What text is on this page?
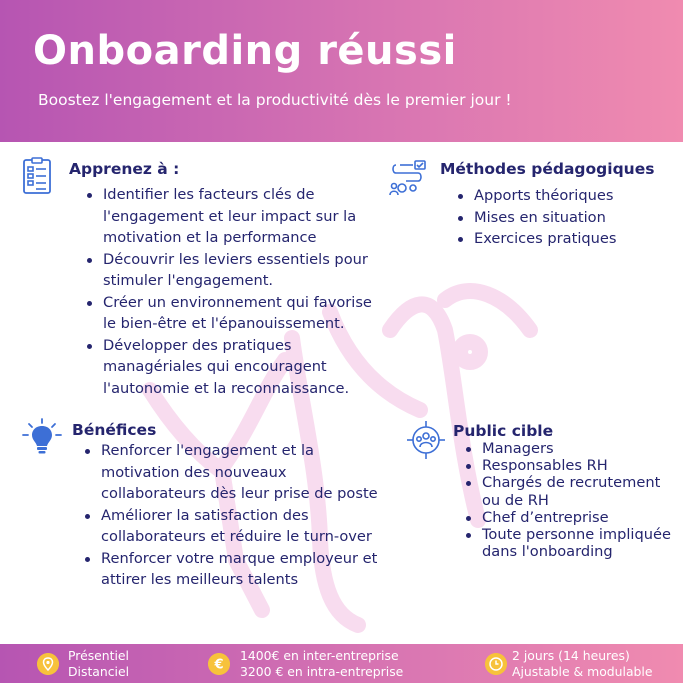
Onboarding réussi
Boostez l'engagement et la productivité dès le premier jour !
Apprenez à :
Identifier les facteurs clés de l'engagement et leur impact sur la motivation et la performance
Découvrir les leviers essentiels pour stimuler l'engagement.
Créer un environnement qui favorise le bien-être et l'épanouissement.
Développer des pratiques managériales qui encouragent l'autonomie et la reconnaissance.
Méthodes pédagogiques
Apports théoriques
Mises en situation
Exercices pratiques
Bénéfices
Renforcer l'engagement et la motivation des nouveaux collaborateurs dès leur prise de poste
Améliorer la satisfaction des collaborateurs et réduire le turn-over
Renforcer votre marque employeur et attirer les meilleurs talents
Public cible
Managers
Responsables RH
Chargés de recrutement ou de RH
Chef d’entreprise
Toute personne impliquée dans l'onboarding
Présentiel
Distanciel	€
1400€ en inter-entreprise
3200 € en intra-entreprise
2 jours (14 heures)
Ajustable & modulable
